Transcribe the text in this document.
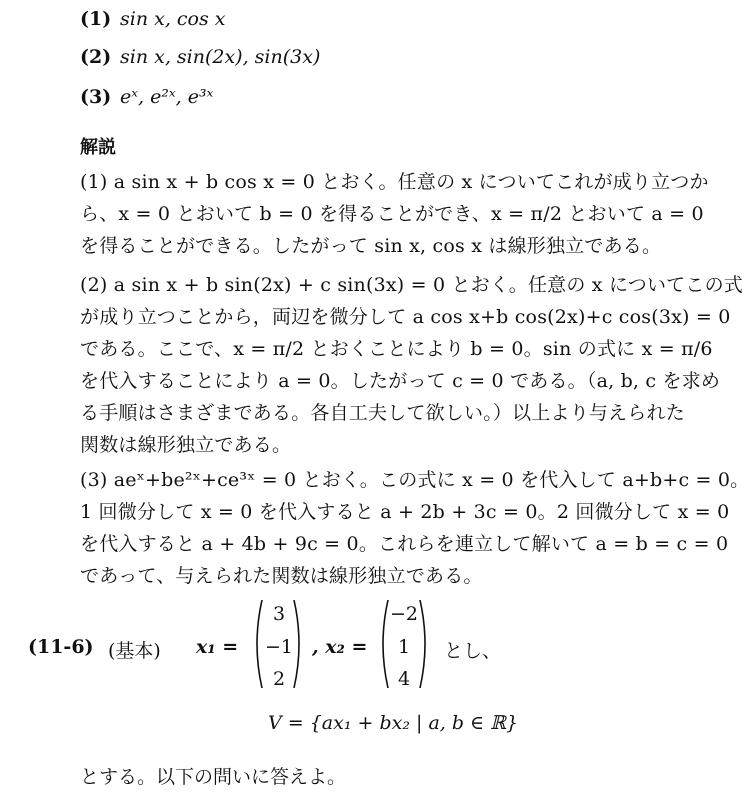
(1) sin x, cos x
(2) sin x, sin(2x), sin(3x)
(3) eˣ, e²ˣ, e³ˣ
解説
(1) a sin x + b cos x = 0 とおく。任意の x についてこれが成り立つか
ら、x = 0 とおいて b = 0 を得ることができ、x = π/2 とおいて a = 0
を得ることができる。したがって sin x, cos x は線形独立である。
(2) a sin x + b sin(2x) + c sin(3x) = 0 とおく。任意の x についてこの式
が成り立つことから，両辺を微分して a cos x+b cos(2x)+c cos(3x) = 0
である。ここで、x = π/2 とおくことにより b = 0。sin の式に x = π/6
を代入することにより a = 0。したがって c = 0 である。（a, b, c を求め
る手順はさまざまである。各自工夫して欲しい。）以上より与えられた
関数は線形独立である。
(3) aeˣ+be²ˣ+ce³ˣ = 0 とおく。この式に x = 0 を代入して a+b+c = 0。
1 回微分して x = 0 を代入すると a + 2b + 3c = 0。2 回微分して x = 0
を代入すると a + 4b + 9c = 0。これらを連立して解いて a = b = c = 0
であって、与えられた関数は線形独立である。
(11-6) (基本) x₁ =
3
−1
2
, x₂ =
−2
1
4
とし、
V = {ax₁ + bx₂ | a, b ∈ ℝ}
とする。以下の問いに答えよ。
